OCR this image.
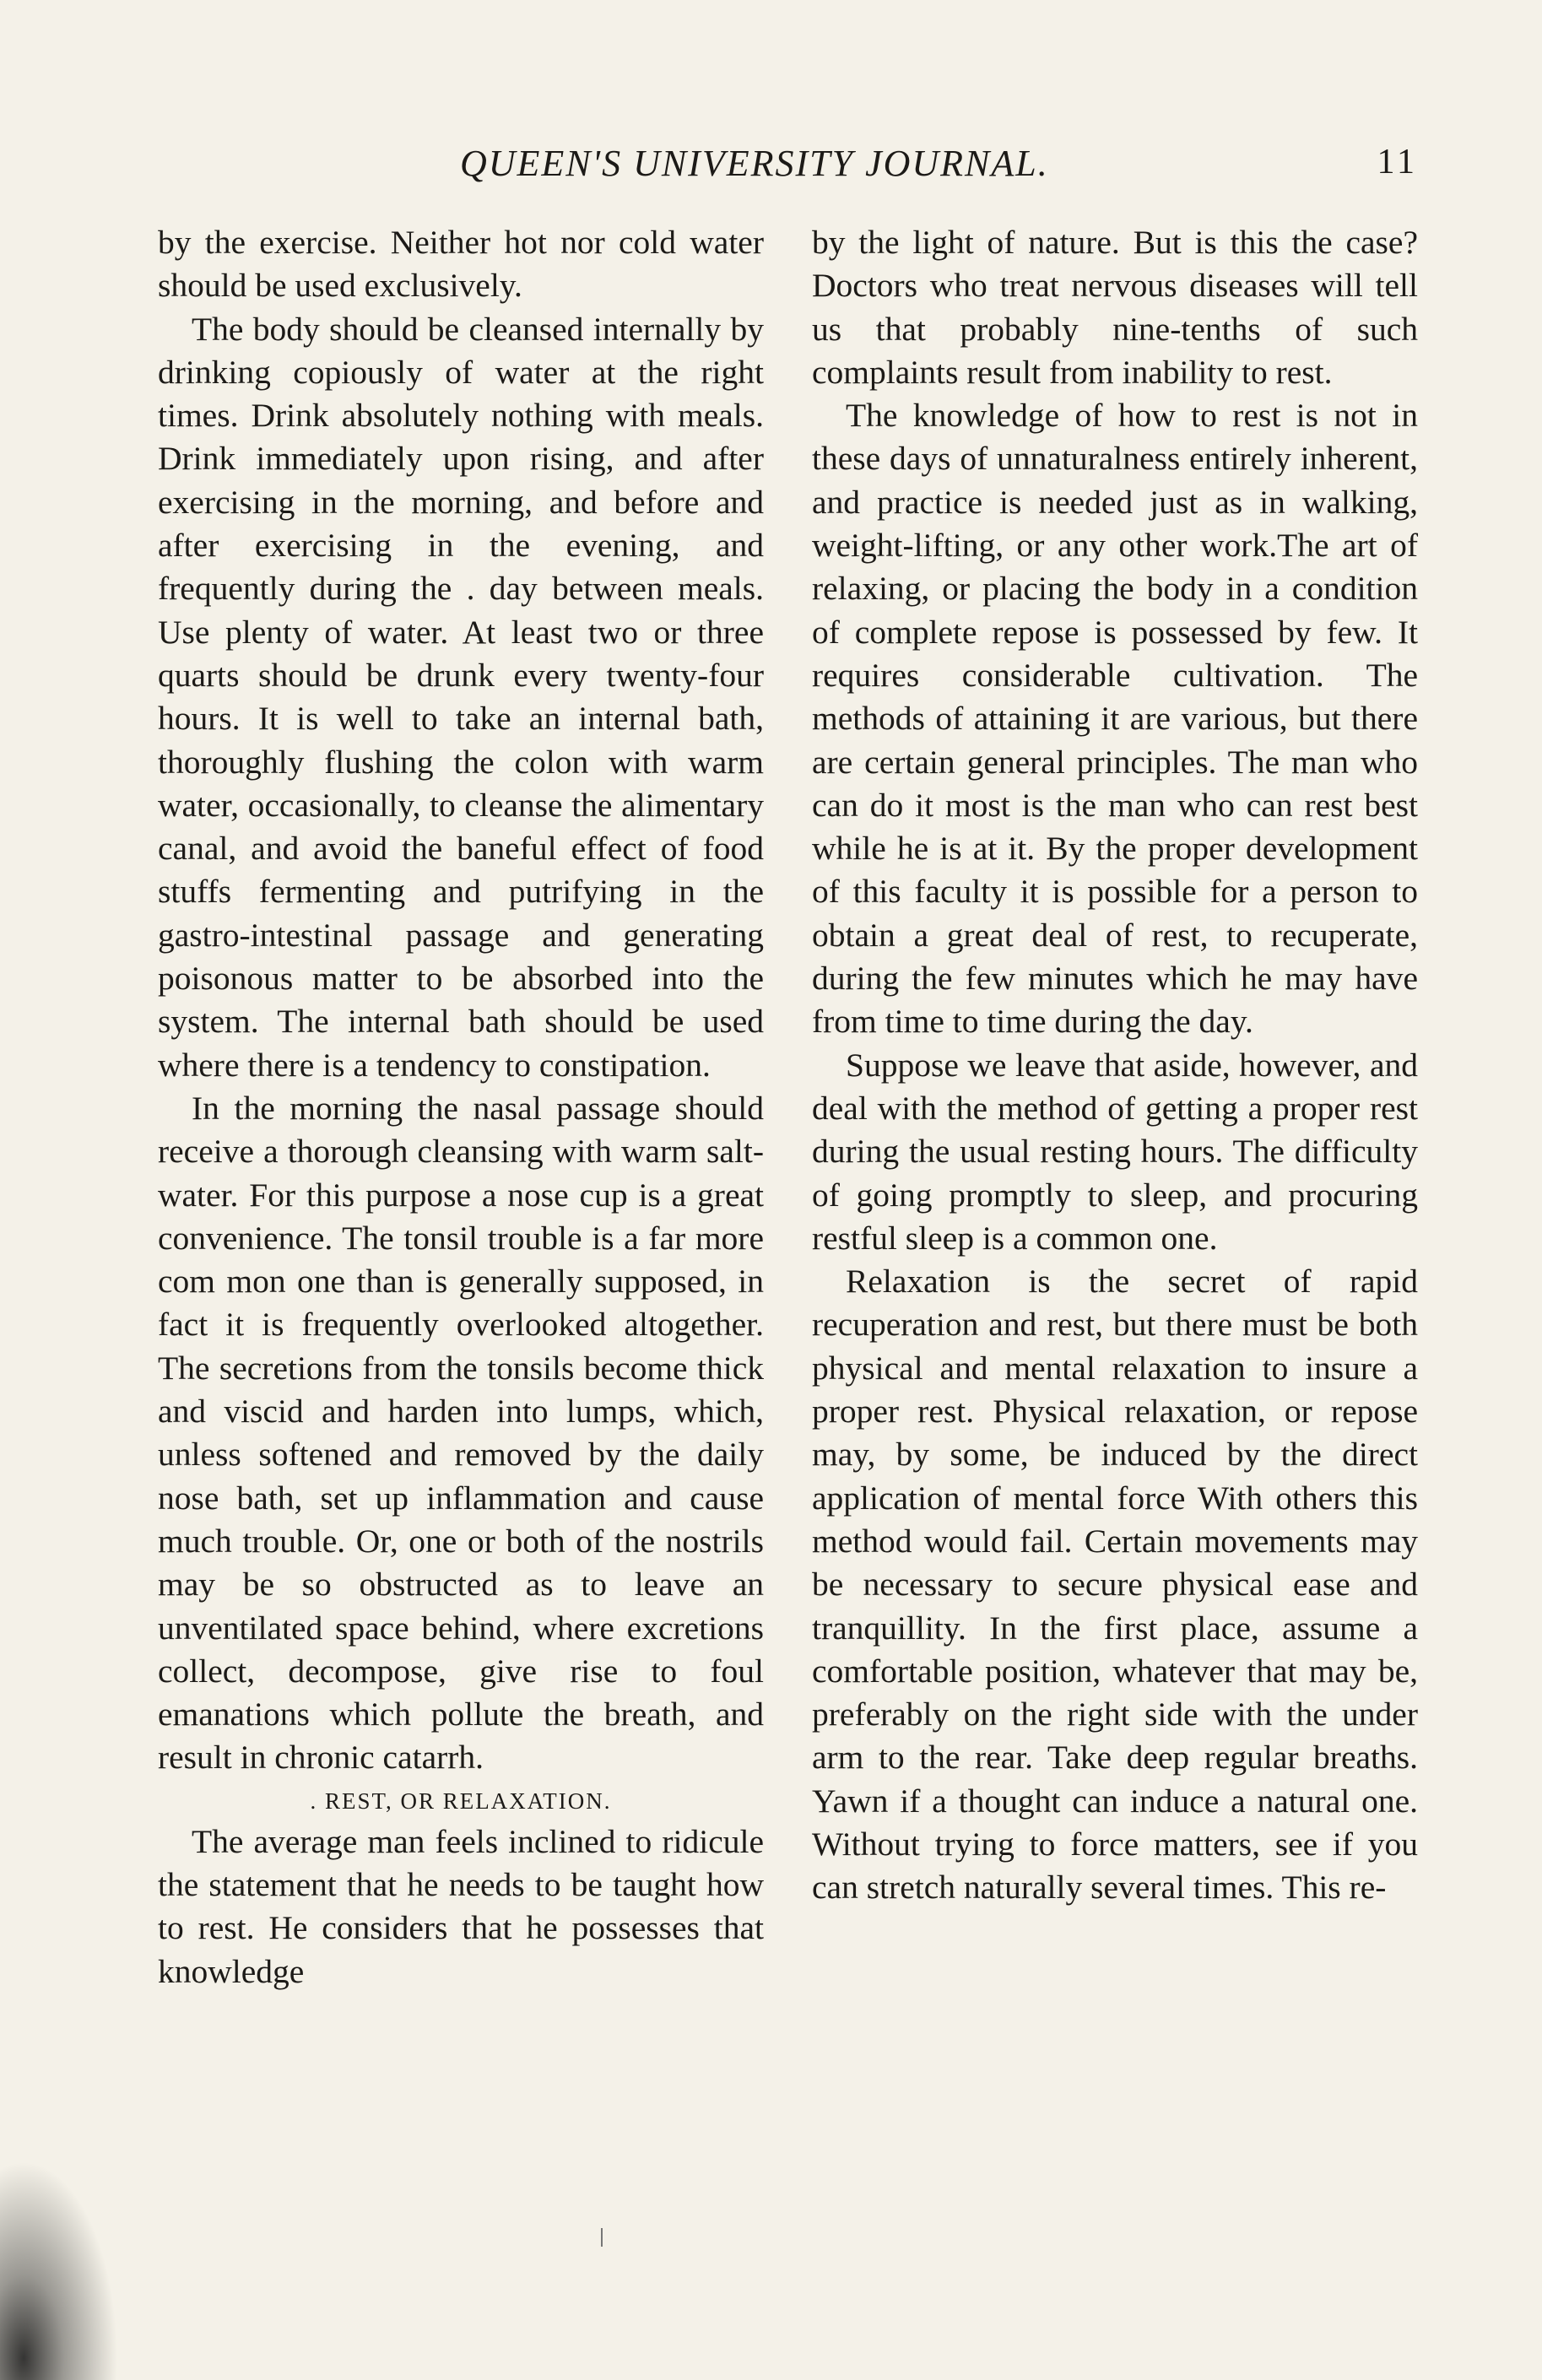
QUEEN'S UNIVERSITY JOURNAL.	11

by the exercise. Neither hot nor cold water should be used exclusively.

The body should be cleansed internally by drinking copiously of water at the right times. Drink absolutely nothing with meals. Drink immediately upon rising, and after exercising in the morning, and before and after exercising in the evening, and frequently during the . day between meals. Use plenty of water. At least two or three quarts should be drunk every twenty-four hours. It is well to take an internal bath, thoroughly flushing the colon with warm water, occasionally, to cleanse the alimentary canal, and avoid the baneful effect of food stuffs fermenting and putrifying in the gastro-intestinal passage and generating poisonous matter to be absorbed into the system. The internal bath should be used where there is a tendency to constipation.

In the morning the nasal passage should receive a thorough cleansing with warm salt-water. For this purpose a nose cup is a great convenience. The tonsil trouble is a far more com mon one than is generally supposed, in fact it is frequently overlooked altogether. The secretions from the tonsils become thick and viscid and harden into lumps, which, unless softened and removed by the daily nose bath, set up inflammation and cause much trouble. Or, one or both of the nostrils may be so obstructed as to leave an unventilated space behind, where excretions collect, decompose, give rise to foul emanations which pollute the breath, and result in chronic catarrh.

. REST, OR RELAXATION.

The average man feels inclined to ridicule the statement that he needs to be taught how to rest. He considers that he possesses that knowledge

by the light of nature. But is this the case? Doctors who treat nervous diseases will tell us that probably nine-tenths of such complaints result from inability to rest.

The knowledge of how to rest is not in these days of unnaturalness entirely inherent, and practice is needed just as in walking, weight-lifting, or any other work.The art of relaxing, or placing the body in a condition of complete repose is possessed by few. It requires considerable cultivation. The methods of attaining it are various, but there are certain general principles. The man who can do it most is the man who can rest best while he is at it. By the proper development of this faculty it is possible for a person to obtain a great deal of rest, to recuperate, during the few minutes which he may have from time to time during the day.

Suppose we leave that aside, however, and deal with the method of getting a proper rest during the usual resting hours. The difficulty of going promptly to sleep, and procuring restful sleep is a common one.

Relaxation is the secret of rapid recuperation and rest, but there must be both physical and mental relaxation to insure a proper rest. Physical relaxation, or repose may, by some, be induced by the direct application of mental force With others this method would fail. Certain movements may be necessary to secure physical ease and tranquillity. In the first place, assume a comfortable position, whatever that may be, preferably on the right side with the under arm to the rear. Take deep regular breaths. Yawn if a thought can induce a natural one. Without trying to force matters, see if you can stretch naturally several times. This re-
